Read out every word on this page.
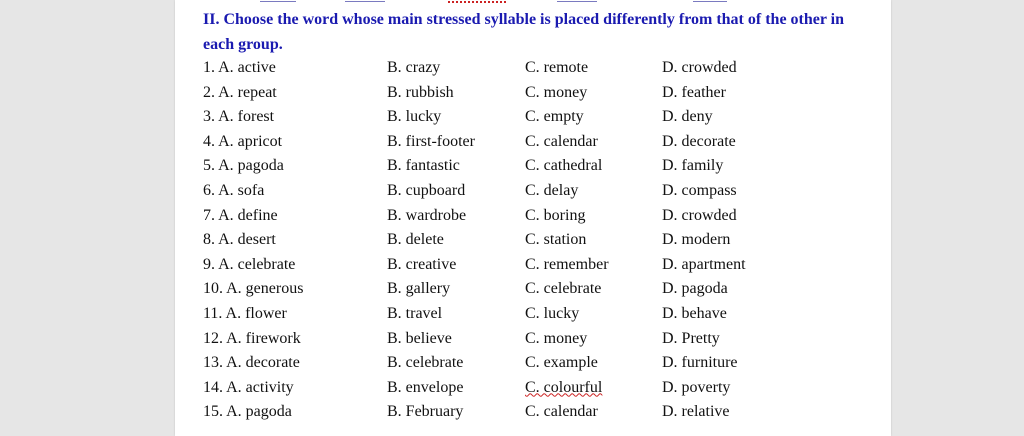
II. Choose the word whose main stressed syllable is placed differently from that of the other in each group.
1. A. active	B. crazy	C. remote	D. crowded
2. A. repeat	B. rubbish	C. money	D. feather
3. A. forest	B. lucky	C. empty	D. deny
4. A. apricot	B. first-footer	C. calendar	D. decorate
5. A. pagoda	B. fantastic	C. cathedral	D. family
6. A. sofa	B. cupboard	C. delay	D. compass
7. A. define	B. wardrobe	C. boring	D. crowded
8. A. desert	B. delete	C. station	D. modern
9. A. celebrate	B. creative	C. remember	D. apartment
10. A. generous	B. gallery	C. celebrate	D. pagoda
11. A. flower	B. travel	C. lucky	D. behave
12. A. firework	B. believe	C. money	D. Pretty
13. A. decorate	B. celebrate	C. example	D. furniture
14. A. activity	B. envelope	C. colourful	D. poverty
15. A. pagoda	B. February	C. calendar	D. relative
